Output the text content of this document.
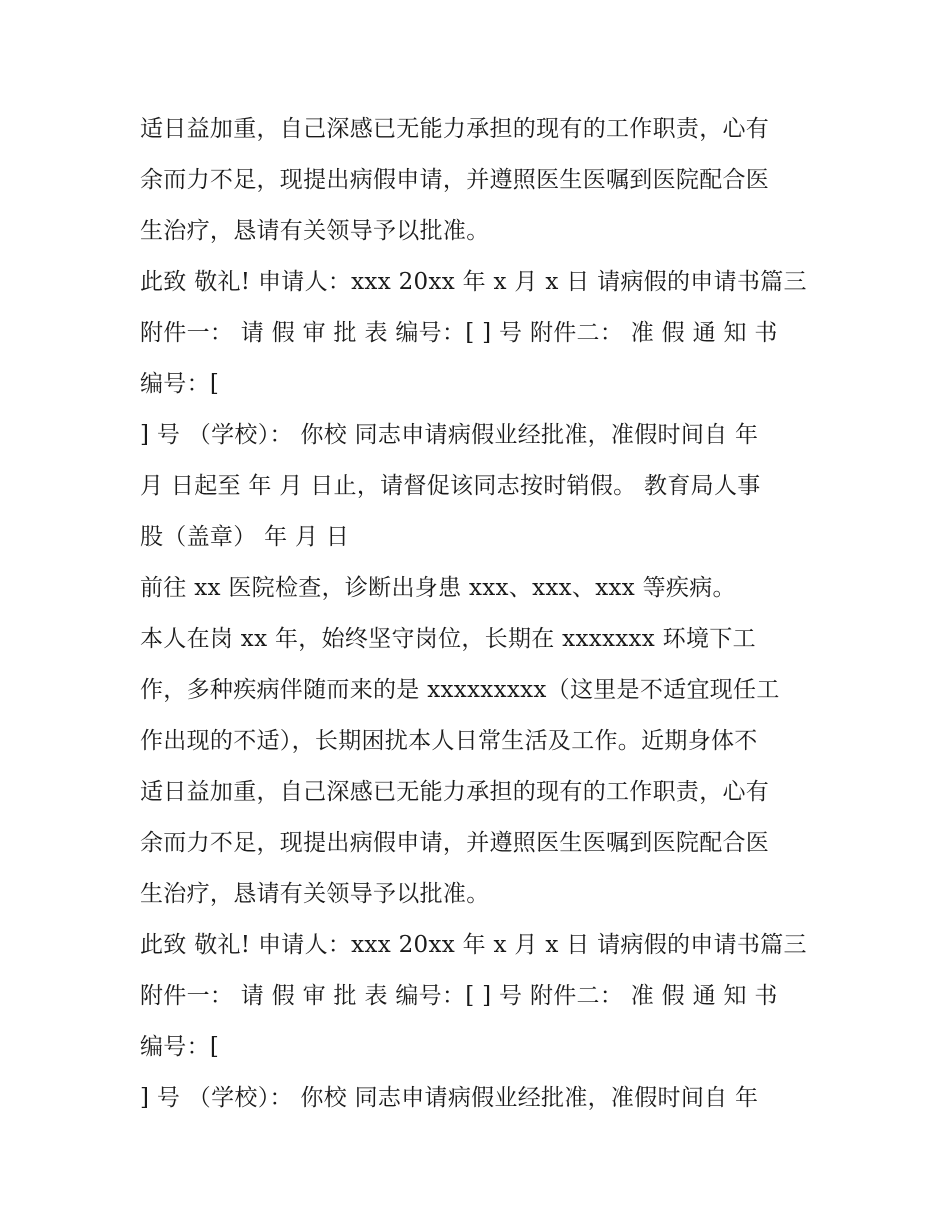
适日益加重，自己深感已无能力承担的现有的工作职责，心有
余而力不足，现提出病假申请，并遵照医生医嘱到医院配合医
生治疗，恳请有关领导予以批准。
此致 敬礼! 申请人：xxx 20xx 年 x 月 x 日 请病假的申请书篇三
附件一： 请 假 审 批 表 编号：[ ] 号 附件二： 准 假 通 知 书
编号：[
] 号 （学校）： 你校 同志申请病假业经批准，准假时间自 年
月 日起至 年 月 日止，请督促该同志按时销假。 教育局人事
股（盖章） 年 月 日
前往 xx 医院检查，诊断出身患 xxx、xxx、xxx 等疾病。
本人在岗 xx 年，始终坚守岗位，长期在 xxxxxxx 环境下工
作，多种疾病伴随而来的是 xxxxxxxxx（这里是不适宜现任工
作出现的不适），长期困扰本人日常生活及工作。近期身体不
适日益加重，自己深感已无能力承担的现有的工作职责，心有
余而力不足，现提出病假申请，并遵照医生医嘱到医院配合医
生治疗，恳请有关领导予以批准。
此致 敬礼! 申请人：xxx 20xx 年 x 月 x 日 请病假的申请书篇三
附件一： 请 假 审 批 表 编号：[ ] 号 附件二： 准 假 通 知 书
编号：[
] 号 （学校）： 你校 同志申请病假业经批准，准假时间自 年
